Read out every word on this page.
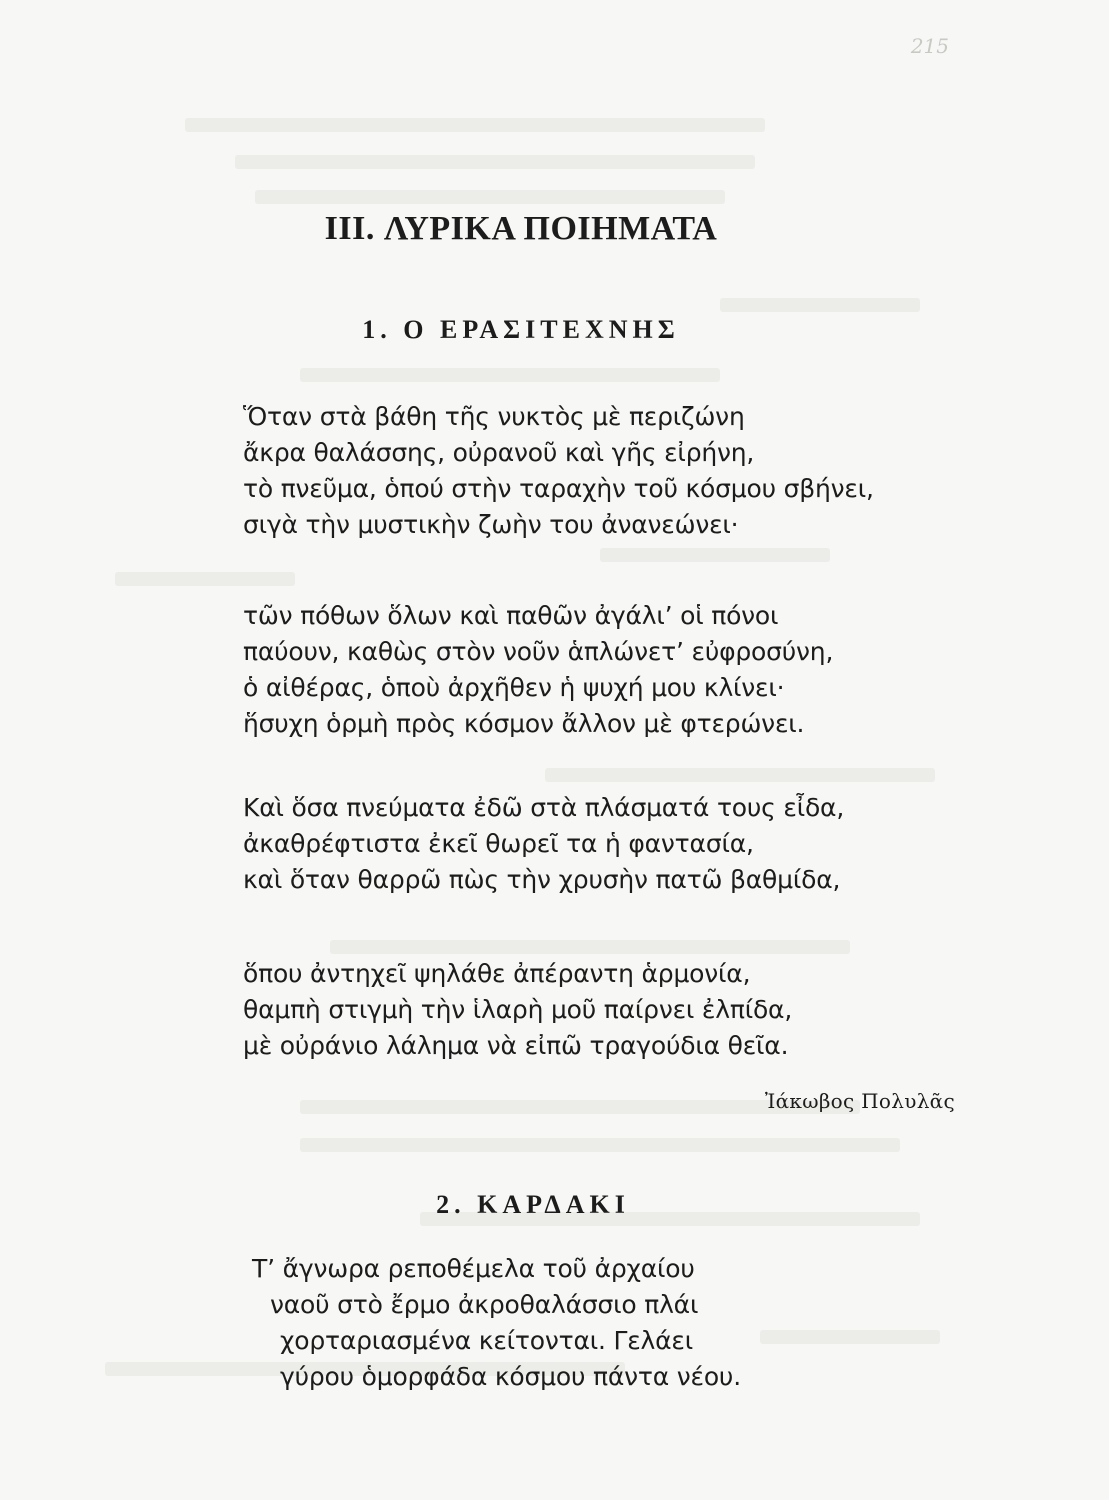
215
III. ΛΥΡΙΚΑ ΠΟΙΗΜΑΤΑ
1. Ο ΕΡΑΣΙΤΕΧΝΗΣ
Ὅταν στὰ βάθη τῆς νυκτὸς μὲ περιζώνη
ἄκρα θαλάσσης, οὐρανοῦ καὶ γῆς εἰρήνη,
τὸ πνεῦμα, ὁπού στὴν ταραχὴν τοῦ κόσμου σβήνει,
σιγὰ τὴν μυστικὴν ζωὴν του ἀνανεώνει·
τῶν πόθων ὅλων καὶ παθῶν ἀγάλι’ οἱ πόνοι
παύουν, καθὼς στὸν νοῦν ἁπλώνετ’ εὐφροσύνη,
ὁ αἰθέρας, ὁποὺ ἀρχῆθεν ἡ ψυχή μου κλίνει·
ἥσυχη ὁρμὴ πρὸς κόσμον ἄλλον μὲ φτερώνει.
Καὶ ὅσα πνεύματα ἐδῶ στὰ πλάσματά τους εἶδα,
ἀκαθρέφτιστα ἐκεῖ θωρεῖ τα ἡ φαντασία,
καὶ ὅταν θαρρῶ πὼς τὴν χρυσὴν πατῶ βαθμίδα,
ὅπου ἀντηχεῖ ψηλάθε ἀπέραντη ἁρμονία,
θαμπὴ στιγμὴ τὴν ἱλαρὴ μοῦ παίρνει ἐλπίδα,
μὲ οὐράνιο λάλημα νὰ εἰπῶ τραγούδια θεῖα.
Ἰάκωβος Πολυλᾶς
2. ΚΑΡΔΑΚΙ
Τ’ ἄγνωρα ρεποθέμελα τοῦ ἀρχαίου
ναοῦ στὸ ἔρμο ἀκροθαλάσσιο πλάι
χορταριασμένα κείτονται. Γελάει
γύρου ὁμορφάδα κόσμου πάντα νέου.
